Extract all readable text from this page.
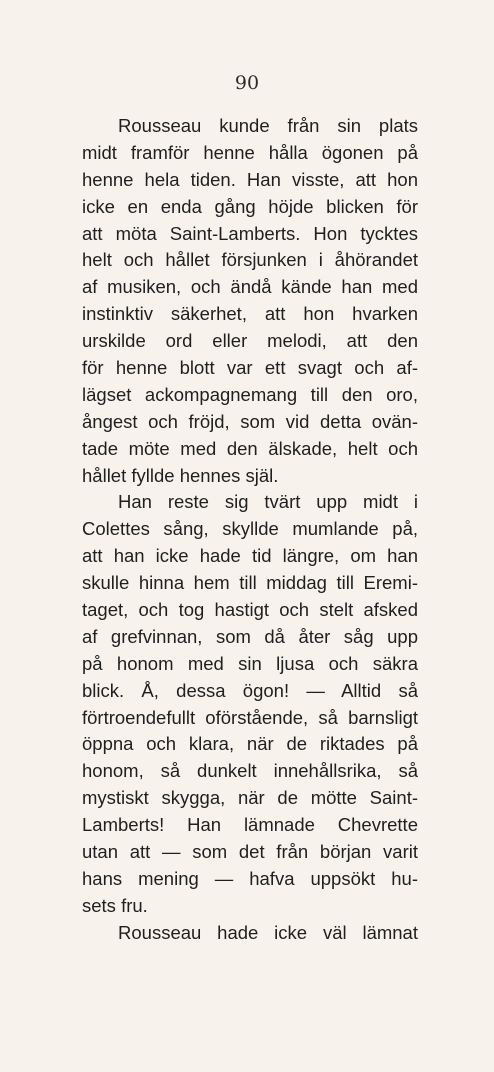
90
Rousseau kunde från sin plats
midt framför henne hålla ögonen på
henne hela tiden. Han visste, att hon
icke en enda gång höjde blicken för
att möta Saint-Lamberts. Hon tycktes
helt och hållet försjunken i åhörandet
af musiken, och ändå kände han med
instinktiv säkerhet, att hon hvarken
urskilde ord eller melodi, att den
för henne blott var ett svagt och af-
lägset ackompagnemang till den oro,
ångest och fröjd, som vid detta ovän-
tade möte med den älskade, helt och
hållet fyllde hennes själ.
Han reste sig tvärt upp midt i
Colettes sång, skyllde mumlande på,
att han icke hade tid längre, om han
skulle hinna hem till middag till Eremi-
taget, och tog hastigt och stelt afsked
af grefvinnan, som då åter såg upp
på honom med sin ljusa och säkra
blick. Å, dessa ögon! — Alltid så
förtroendefullt oförstående, så barnsligt
öppna och klara, när de riktades på
honom, så dunkelt innehållsrika, så
mystiskt skygga, när de mötte Saint-
Lamberts! Han lämnade Chevrette
utan att — som det från början varit
hans mening — hafva uppsökt hu-
sets fru.
Rousseau hade icke väl lämnat
